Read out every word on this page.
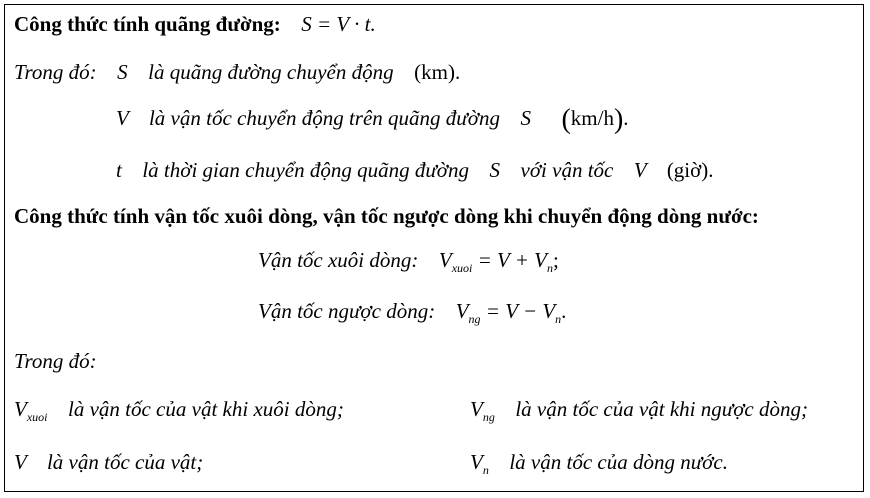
Công thức tính quãng đường: S = V · t.
Trong đó: S là quãng đường chuyển động (km).
V là vận tốc chuyển động trên quãng đường S (km/h).
t là thời gian chuyển động quãng đường S với vận tốc V (giờ).
Công thức tính vận tốc xuôi dòng, vận tốc ngược dòng khi chuyển động dòng nước:
Vận tốc xuôi dòng: $V_{xuoi} = V + V_n$;
Vận tốc ngược dòng: $V_{ng} = V - V_n$.
Trong đó:
$V_{xuoi}$ là vận tốc của vật khi xuôi dòng;	$V_{ng}$ là vận tốc của vật khi ngược dòng;
V là vận tốc của vật;	$V_n$ là vận tốc của dòng nước.
